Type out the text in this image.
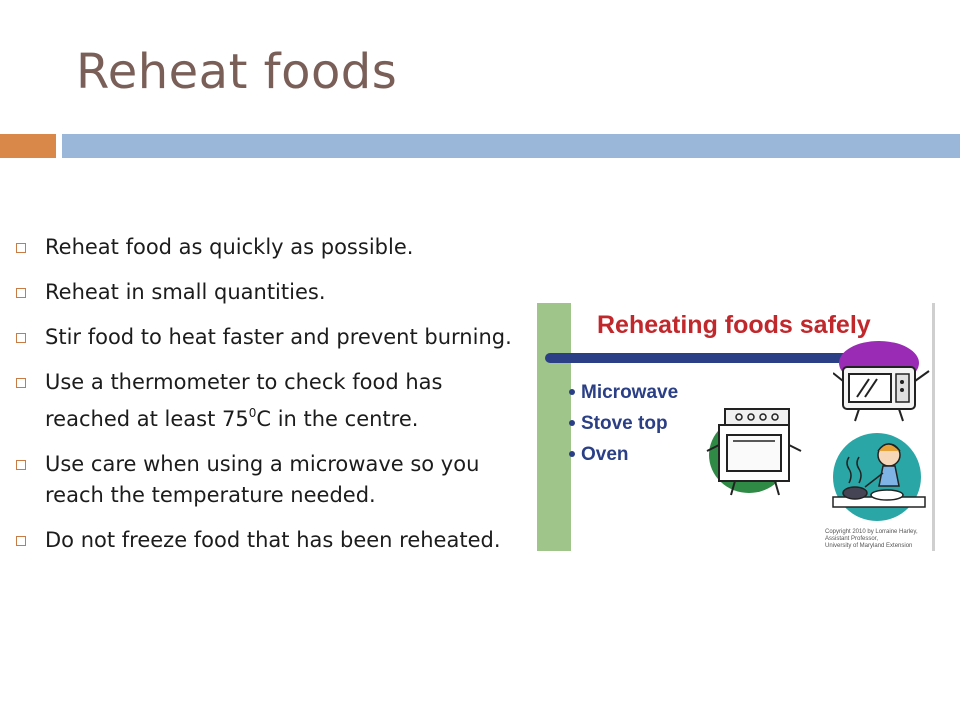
Reheat foods
Reheat food as quickly as possible.
Reheat in small quantities.
Stir food to heat faster and prevent burning.
Use a thermometer to check food has reached at least $75^0C$ in the centre.
Use care when using a microwave so you reach the temperature needed.
Do not freeze food that has been reheated.
Reheating foods safely
Microwave
Stove top
Oven
Copyright 2010 by Lorraine Harley,
Assistant Professor,
University of Maryland Extension
